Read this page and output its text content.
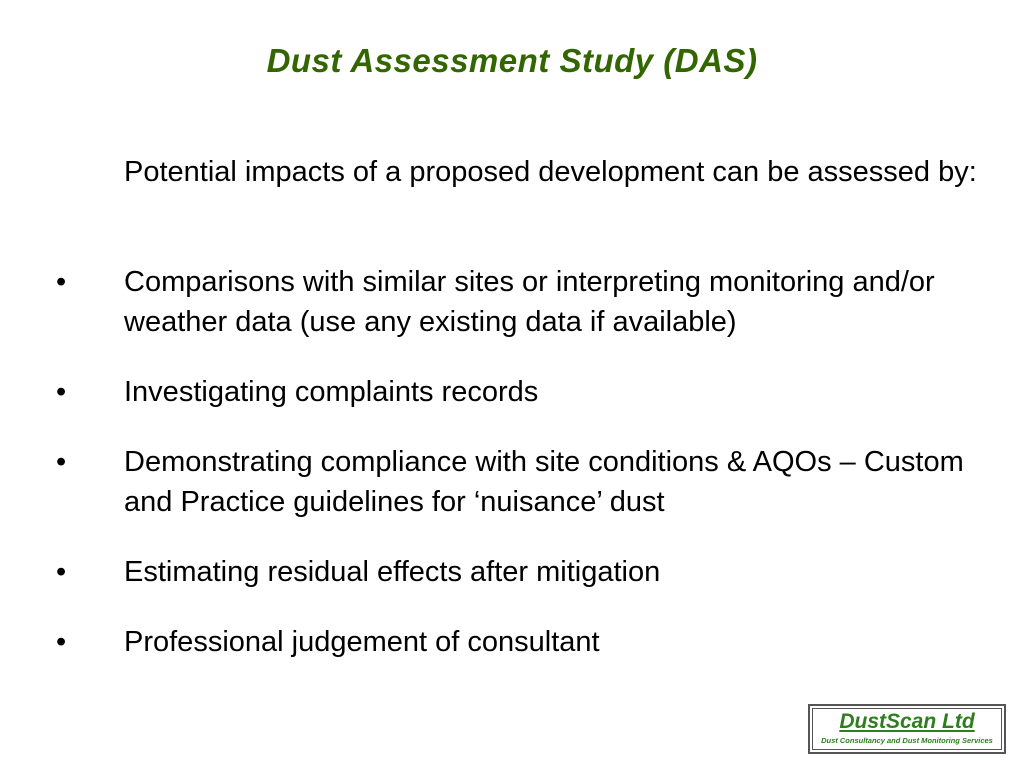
Dust Assessment Study (DAS)
Potential impacts of a proposed development can be assessed by:
•	Comparisons with similar sites or interpreting monitoring and/or weather data (use any existing data if available)
•	Investigating complaints records
•	Demonstrating compliance with site conditions & AQOs – Custom and Practice guidelines for ‘nuisance’ dust
•	Estimating residual effects after mitigation
•	Professional judgement of consultant
DustScan Ltd
Dust Consultancy and Dust Monitoring Services
